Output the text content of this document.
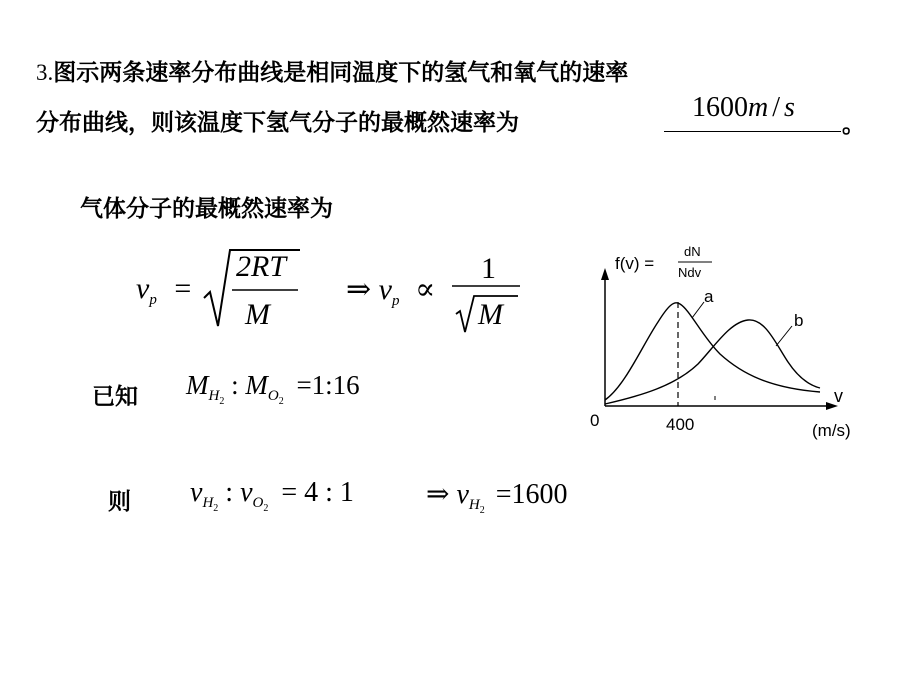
3.图示两条速率分布曲线是相同温度下的氢气和氧气的速率
分布曲线，则该温度下氢气分子的最概然速率为	1600m / s
。
气体分子的最概然速率为
$v_p$ =
2RT
M
⇒ $v_p$ ∝
1
M
已知 $M_{H2}$ : $M_{O2}$ =1:16
则 $v_{H2}$ : $v_{O2} = 4$ : 1	⇒ $v_{H2} =1600$
f(v) =
dN
Ndv
a
b
v
0	400	(m/s)
